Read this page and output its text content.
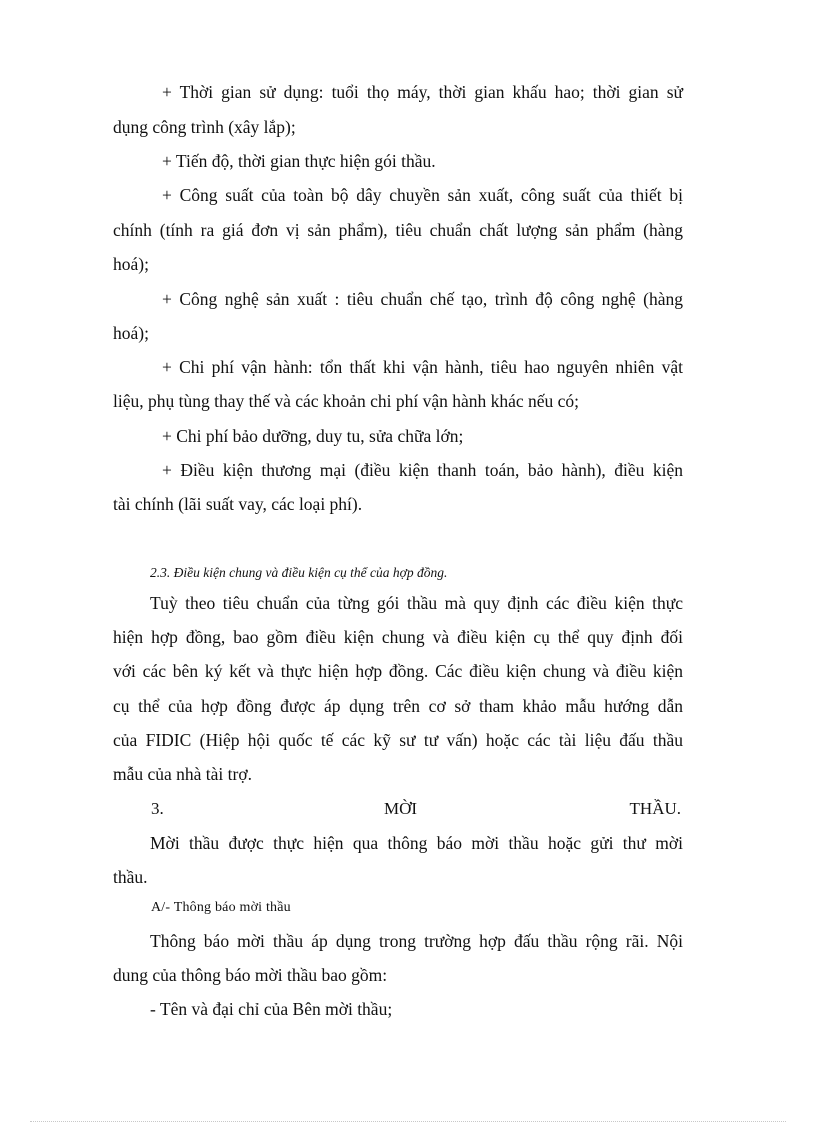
+ Thời gian sử dụng: tuổi thọ máy, thời gian khấu hao; thời gian sử
dụng công trình (xây lắp);
+ Tiến độ, thời gian thực hiện gói thầu.
+ Công suất của toàn bộ dây chuyền sản xuất, công suất của thiết bị
chính (tính ra giá đơn vị sản phẩm), tiêu chuẩn chất lượng sản phẩm (hàng
hoá);
+ Công nghệ sản xuất : tiêu chuẩn chế tạo, trình độ công nghệ (hàng
hoá);
+ Chi phí vận hành: tổn thất khi vận hành, tiêu hao nguyên nhiên vật
liệu, phụ tùng thay thế và các khoản chi phí vận hành khác nếu có;
+ Chi phí bảo dưỡng, duy tu, sửa chữa lớn;
+ Điều kiện thương mại (điều kiện thanh toán, bảo hành), điều kiện
tài chính (lãi suất vay, các loại phí).
2.3. Điều kiện chung và điều kiện cụ thể của hợp đồng.
Tuỳ theo tiêu chuẩn của từng gói thầu mà quy định các điều kiện thực
hiện hợp đồng, bao gồm điều kiện chung và điều kiện cụ thể quy định đối
với các bên ký kết và thực hiện hợp đồng. Các điều kiện chung và điều kiện
cụ thể của hợp đồng được áp dụng trên cơ sở tham khảo mẫu hướng dẫn
của FIDIC (Hiệp hội quốc tế các kỹ sư tư vấn) hoặc các tài liệu đấu thầu
mẫu của nhà tài trợ.
3.	MỜI	THẦU.
Mời thầu được thực hiện qua thông báo mời thầu hoặc gửi thư mời
thầu.
A/- Thông báo mời thầu
Thông báo mời thầu áp dụng trong trường hợp đấu thầu rộng rãi. Nội
dung của thông báo mời thầu bao gồm:
- Tên và đại chỉ của Bên mời thầu;
